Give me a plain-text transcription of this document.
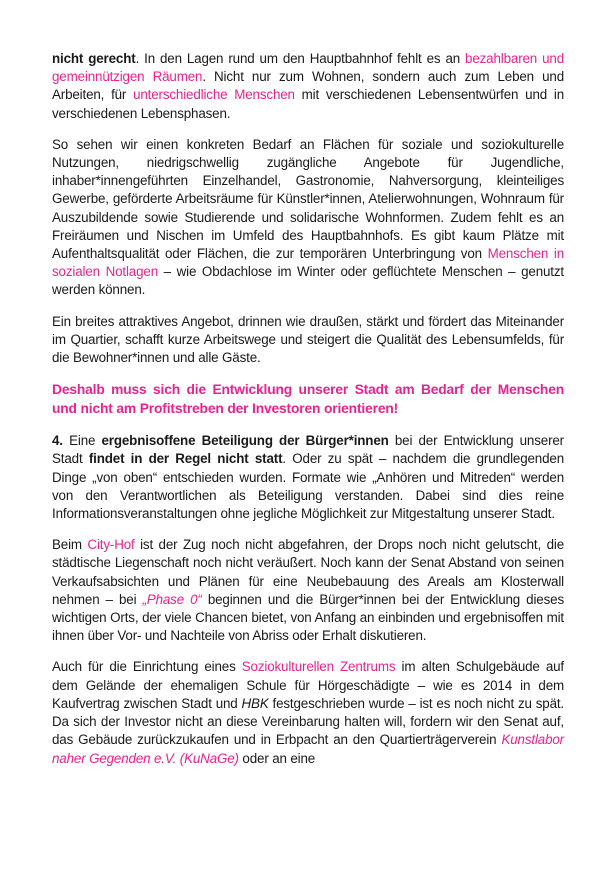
nicht gerecht. In den Lagen rund um den Hauptbahnhof fehlt es an bezahlbaren und gemeinnützigen Räumen. Nicht nur zum Wohnen, sondern auch zum Leben und Arbeiten, für unterschiedliche Menschen mit verschiedenen Lebensentwürfen und in verschiedenen Lebensphasen.

So sehen wir einen konkreten Bedarf an Flächen für soziale und soziokulturelle Nutzungen, niedrigschwellig zugängliche Angebote für Jugendliche, inhaber*innengeführten Einzelhandel, Gastronomie, Nahversorgung, kleinteiliges Gewerbe, geförderte Arbeitsräume für Künstler*innen, Atelierwohnungen, Wohnraum für Auszubildende sowie Studierende und solidarische Wohnformen. Zudem fehlt es an Freiräumen und Nischen im Umfeld des Hauptbahnhofs. Es gibt kaum Plätze mit Aufenthaltsqualität oder Flächen, die zur temporären Unterbringung von Menschen in sozialen Notlagen – wie Obdachlose im Winter oder geflüchtete Menschen – genutzt werden können.

Ein breites attraktives Angebot, drinnen wie draußen, stärkt und fördert das Miteinander im Quartier, schafft kurze Arbeitswege und steigert die Qualität des Lebensumfelds, für die Bewohner*innen und alle Gäste.

Deshalb muss sich die Entwicklung unserer Stadt am Bedarf der Menschen und nicht am Profitstreben der Investoren orientieren!

4. Eine ergebnisoffene Beteiligung der Bürger*innen bei der Entwicklung unserer Stadt findet in der Regel nicht statt. Oder zu spät – nachdem die grundlegenden Dinge „von oben“ entschieden wurden. Formate wie „Anhören und Mitreden“ werden von den Verantwortlichen als Beteiligung verstanden. Dabei sind dies reine Informationsveranstaltungen ohne jegliche Möglichkeit zur Mitgestaltung unserer Stadt.

Beim City-Hof ist der Zug noch nicht abgefahren, der Drops noch nicht gelutscht, die städtische Liegenschaft noch nicht veräußert. Noch kann der Senat Abstand von seinen Verkaufsabsichten und Plänen für eine Neubebauung des Areals am Klosterwall nehmen – bei „Phase 0“ beginnen und die Bürger*innen bei der Entwicklung dieses wichtigen Orts, der viele Chancen bietet, von Anfang an einbinden und ergebnisoffen mit ihnen über Vor- und Nachteile von Abriss oder Erhalt diskutieren.

Auch für die Einrichtung eines Soziokulturellen Zentrums im alten Schulgebäude auf dem Gelände der ehemaligen Schule für Hörgeschädigte – wie es 2014 in dem Kaufvertrag zwischen Stadt und HBK festgeschrieben wurde – ist es noch nicht zu spät. Da sich der Investor nicht an diese Vereinbarung halten will, fordern wir den Senat auf, das Gebäude zurückzukaufen und in Erbpacht an den Quartierträgerverein Kunstlabor naher Gegenden e.V. (KuNaGe) oder an eine
